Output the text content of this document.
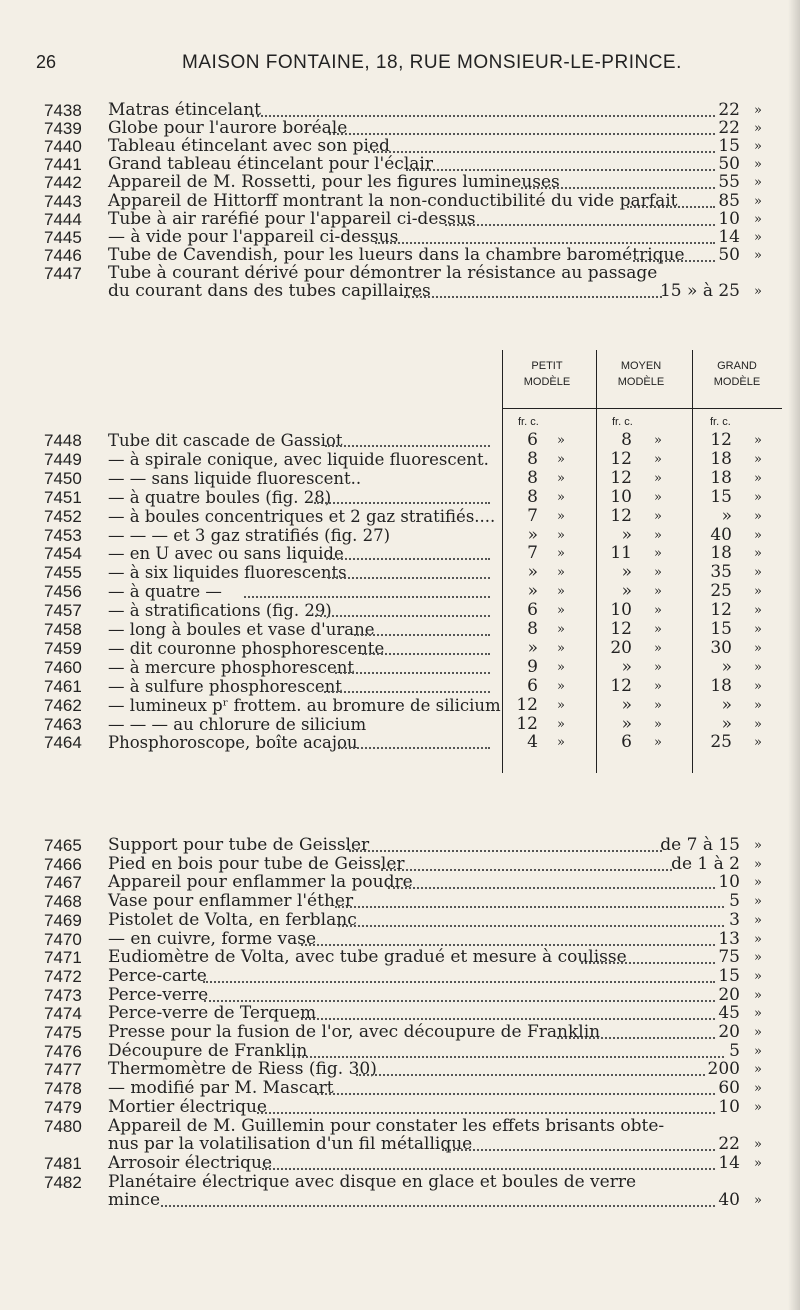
26	MAISON FONTAINE, 18, RUE MONSIEUR-LE-PRINCE.
7438	Matras étincelant	22 »
7439	Globe pour l'aurore boréale	22 »
7440	Tableau étincelant avec son pied	15 »
7441	Grand tableau étincelant pour l'éclair	50 »
7442	Appareil de M. Rossetti, pour les figures lumineuses	55 »
7443	Appareil de Hittorff montrant la non-conductibilité du vide parfait 85 »
7444	Tube à air raréfié pour l'appareil ci-dessus	10 »
7445	— à vide pour l'appareil ci-dessus	14 »
7446	Tube de Cavendish, pour les lueurs dans la chambre barométrique 50 »
7447	Tube à courant dérivé pour démontrer la résistance au passage
du courant dans des tubes capillaires	15 » à 25 »
PETIT
MODÈLE
MOYEN
MODÈLE
GRAND
MODÈLE
fr. c.	fr. c.	fr. c.
7448	Tube dit cascade de Gassiot	6 »	8 »	12 »
7449	— à spirale conique, avec liquide fluorescent.	8 »	12 »	18 »
7450	— — sans liquide fluorescent..	8 »	12 »	18 »
7451	— à quatre boules (fig. 28)	8 »	10 »	15 »
7452	— à boules concentriques et 2 gaz stratifiés....	7 »	12 »	» »
7453	— — — et 3 gaz stratifiés (fig. 27)	» »	» »	40 »
7454	— en U avec ou sans liquide	7 »	11 »	18 »
7455	— à six liquides fluorescents	» »	» »	35 »
7456	— à quatre —	» »	» »	25 »
7457	— à stratifications (fig. 29)	6 »	10 »	12 »
7458	— long à boules et vase d'urane	8 »	12 »	15 »
7459	— dit couronne phosphorescente	» »	20 »	30 »
7460	— à mercure phosphorescent	9 »	» »	» »
7461	— à sulfure phosphorescent	6 »	12 »	18 »
7462	— lumineux pʳ frottem. au bromure de silicium 12 »	» »	» »
7463	— — — au chlorure de silicium	12 »	» »	» »
7464	Phosphoroscope, boîte acajou	4 »	6 »	25 »
7465	Support pour tube de Geissler	de 7 à 15 »
7466	Pied en bois pour tube de Geissler	de 1 à 2 »
7467	Appareil pour enflammer la poudre	10 »
7468	Vase pour enflammer l'éther	5 »
7469	Pistolet de Volta, en ferblanc	3 »
7470	— en cuivre, forme vase	13 »
7471	Eudiomètre de Volta, avec tube gradué et mesure à coulisse	75 »
7472	Perce-carte	15 »
7473	Perce-verre	20 »
7474	Perce-verre de Terquem	45 »
7475	Presse pour la fusion de l'or, avec découpure de Franklin	20 »
7476	Découpure de Franklin	5 »
7477	Thermomètre de Riess (fig. 30)	200 »
7478	— modifié par M. Mascart	60 »
7479	Mortier électrique	10 »
7480	Appareil de M. Guillemin pour constater les effets brisants obte-
nus par la volatilisation d'un fil métallique	22 »
7481	Arrosoir électrique	14 »
7482	Planétaire électrique avec disque en glace et boules de verre
mince	40 »
